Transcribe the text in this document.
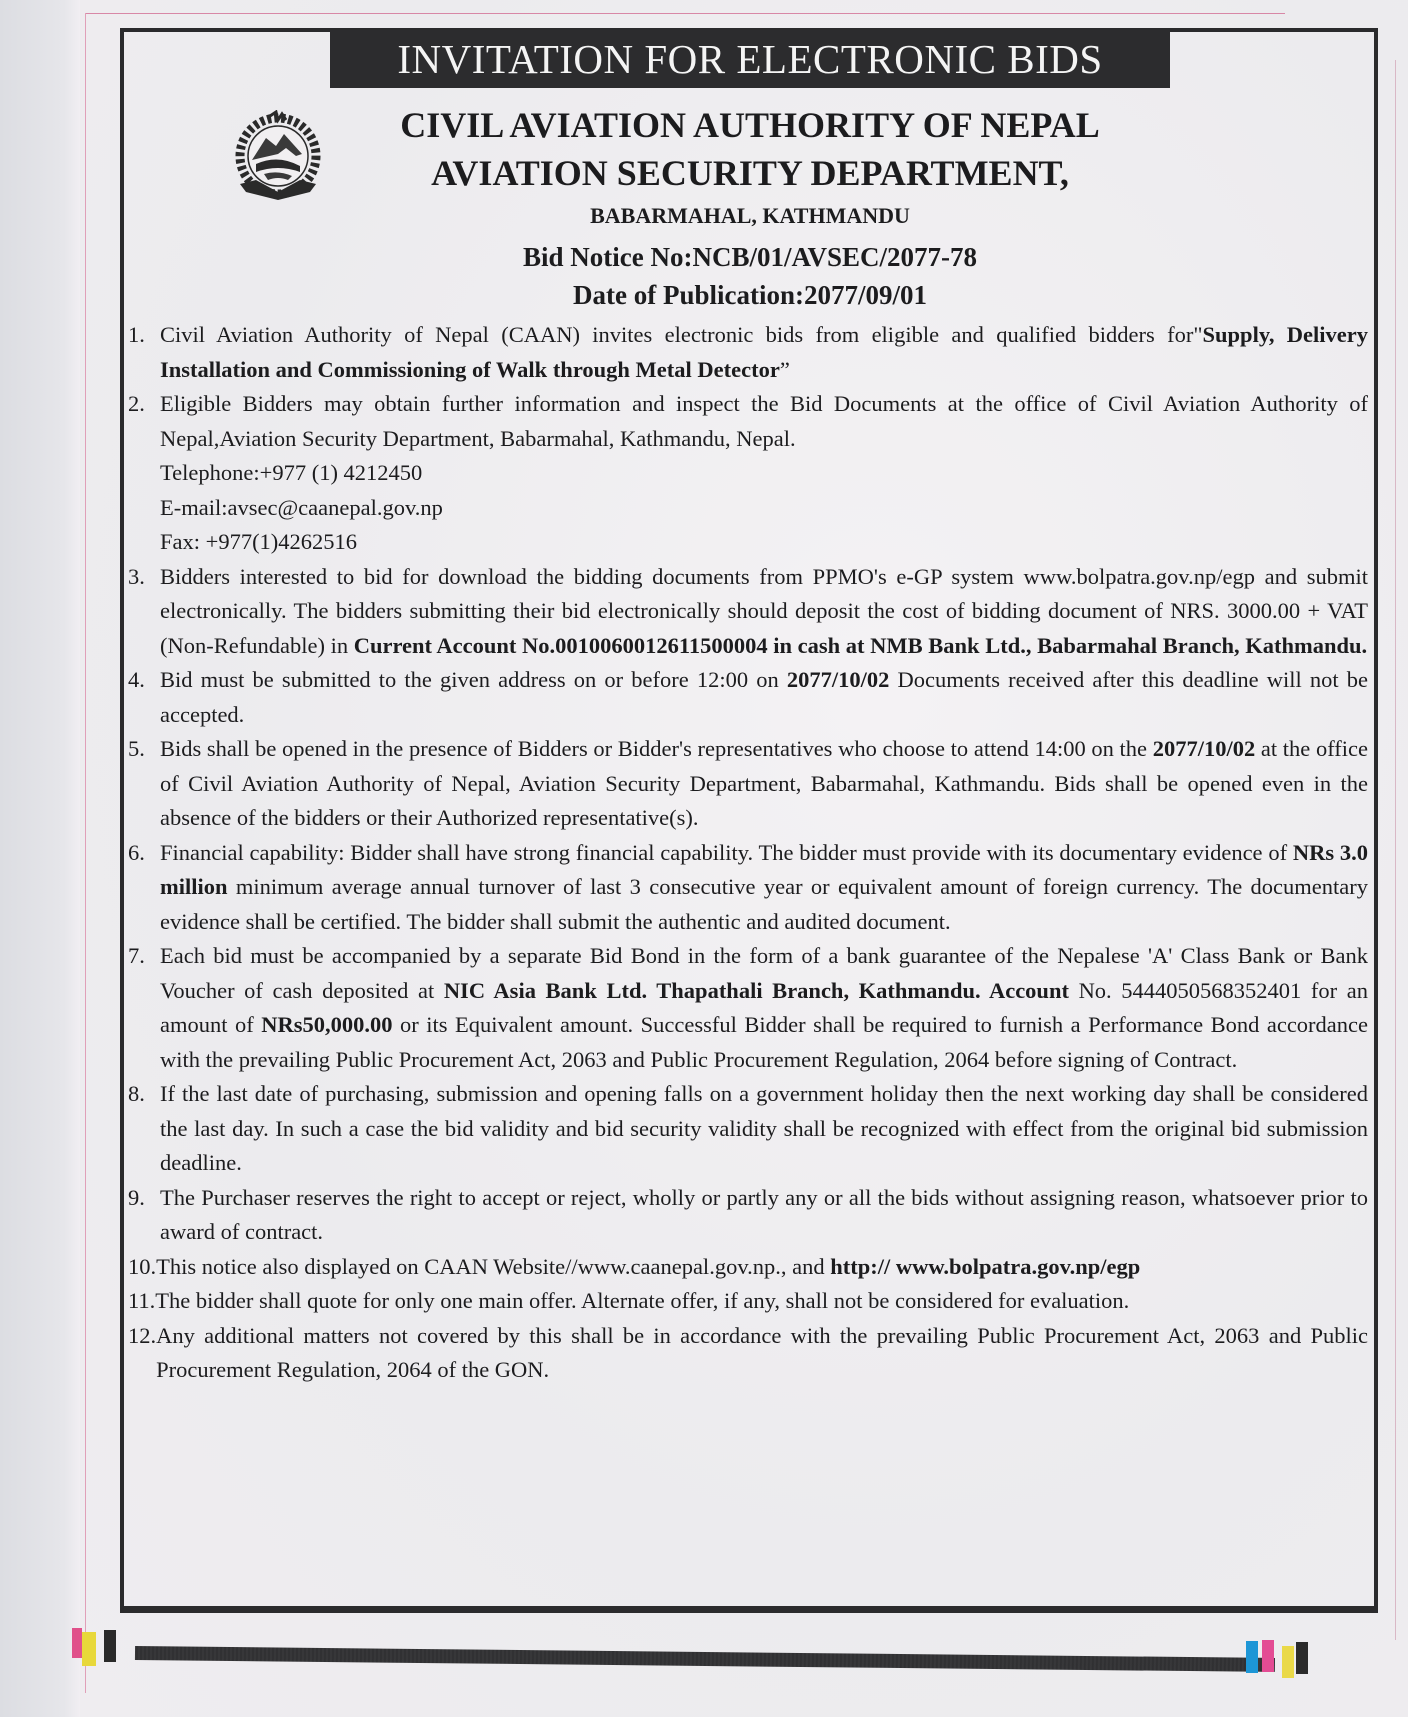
INVITATION FOR ELECTRONIC BIDS
CIVIL AVIATION AUTHORITY OF NEPAL
AVIATION SECURITY DEPARTMENT,
BABARMAHAL, KATHMANDU
Bid Notice No:NCB/01/AVSEC/2077-78
Date of Publication:2077/09/01
1. Civil Aviation Authority of Nepal (CAAN) invites electronic bids from eligible and qualified bidders for"Supply, Delivery Installation and Commissioning of Walk through Metal Detector”
2. Eligible Bidders may obtain further information and inspect the Bid Documents at the office of Civil Aviation Authority of Nepal,Aviation Security Department, Babarmahal, Kathmandu, Nepal.
Telephone:+977 (1) 4212450
E-mail:avsec@caanepal.gov.np
Fax: +977(1)4262516
3. Bidders interested to bid for download the bidding documents from PPMO's e-GP system www.bolpatra.gov.np/egp and submit electronically. The bidders submitting their bid electronically should deposit the cost of bidding document of NRS. 3000.00 + VAT (Non-Refundable) in Current Account No.0010060012611500004 in cash at NMB Bank Ltd., Babarmahal Branch, Kathmandu.
4. Bid must be submitted to the given address on or before 12:00 on 2077/10/02 Documents received after this deadline will not be accepted.
5. Bids shall be opened in the presence of Bidders or Bidder's representatives who choose to attend 14:00 on the 2077/10/02 at the office of Civil Aviation Authority of Nepal, Aviation Security Department, Babarmahal, Kathmandu. Bids shall be opened even in the absence of the bidders or their Authorized representative(s).
6. Financial capability: Bidder shall have strong financial capability. The bidder must provide with its documentary evidence of NRs 3.0 million minimum average annual turnover of last 3 consecutive year or equivalent amount of foreign currency. The documentary evidence shall be certified. The bidder shall submit the authentic and audited document.
7. Each bid must be accompanied by a separate Bid Bond in the form of a bank guarantee of the Nepalese 'A' Class Bank or Bank Voucher of cash deposited at NIC Asia Bank Ltd. Thapathali Branch, Kathmandu. Account No. 5444050568352401 for an amount of NRs50,000.00 or its Equivalent amount. Successful Bidder shall be required to furnish a Performance Bond accordance with the prevailing Public Procurement Act, 2063 and Public Procurement Regulation, 2064 before signing of Contract.
8. If the last date of purchasing, submission and opening falls on a government holiday then the next working day shall be considered the last day. In such a case the bid validity and bid security validity shall be recognized with effect from the original bid submission deadline.
9. The Purchaser reserves the right to accept or reject, wholly or partly any or all the bids without assigning reason, whatsoever prior to award of contract.
10. This notice also displayed on CAAN Website//www.caanepal.gov.np., and http:// www.bolpatra.gov.np/egp
11. The bidder shall quote for only one main offer. Alternate offer, if any, shall not be considered for evaluation.
12. Any additional matters not covered by this shall be in accordance with the prevailing Public Procurement Act, 2063 and Public Procurement Regulation, 2064 of the GON.
